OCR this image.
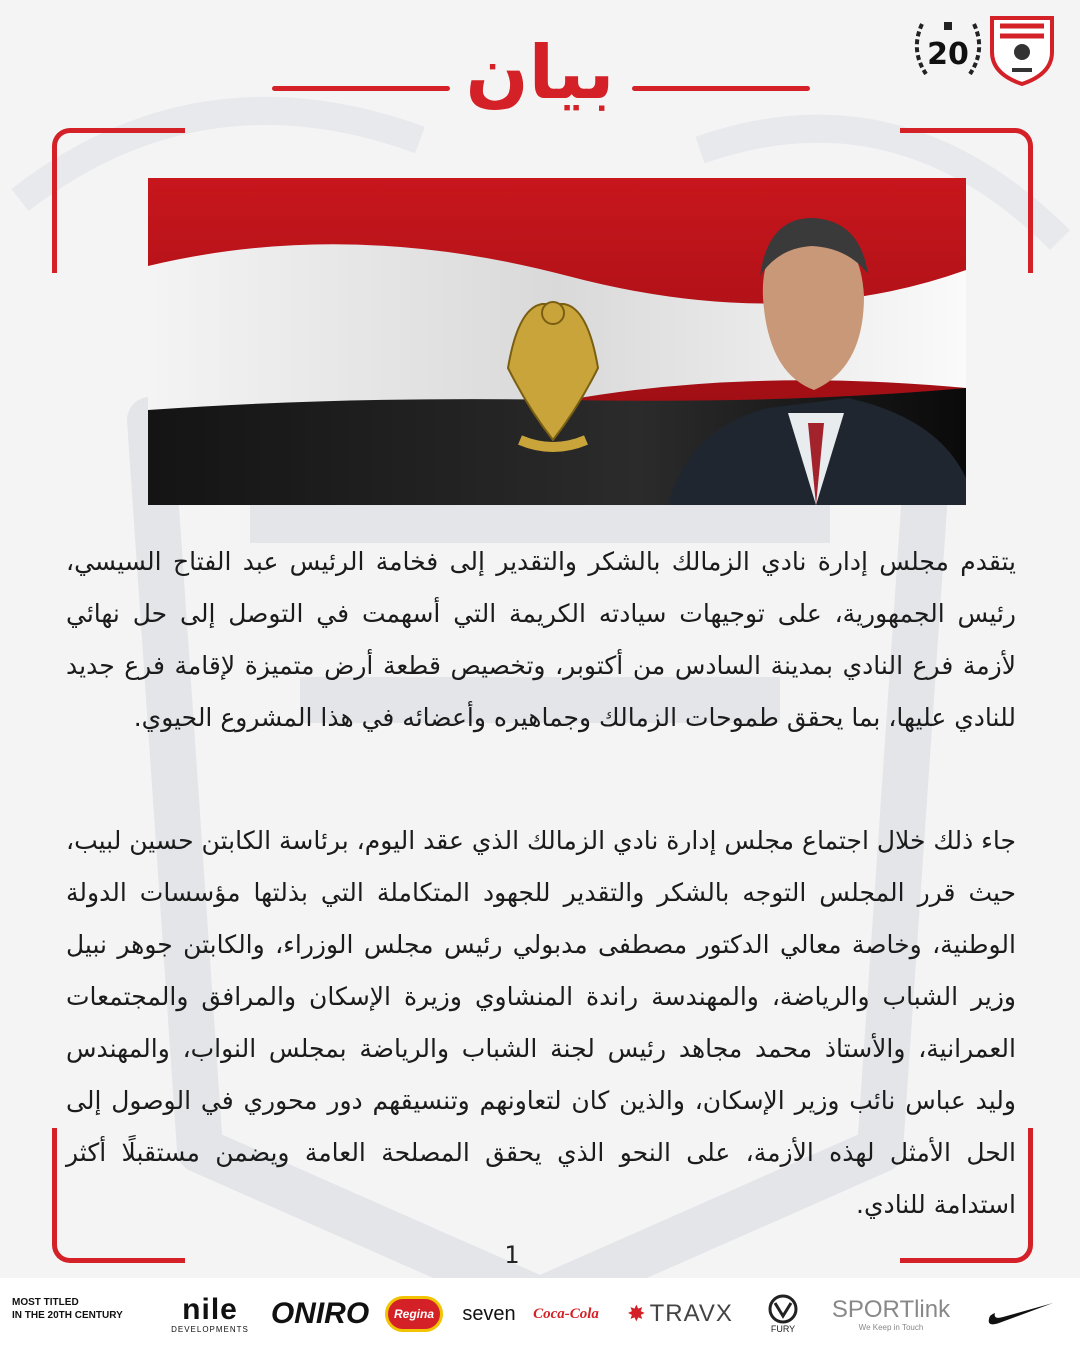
بيان	20
يتقدم مجلس إدارة نادي الزمالك بالشكر والتقدير إلى فخامة الرئيس عبد الفتاح السيسي، رئيس الجمهورية، على توجيهات سيادته الكريمة التي أسهمت في التوصل إلى حل نهائي لأزمة فرع النادي بمدينة السادس من أكتوبر، وتخصيص قطعة أرض متميزة لإقامة فرع جديد للنادي عليها، بما يحقق طموحات الزمالك وجماهيره وأعضائه في هذا المشروع الحيوي.
جاء ذلك خلال اجتماع مجلس إدارة نادي الزمالك الذي عقد اليوم، برئاسة الكابتن حسين لبيب، حيث قرر المجلس التوجه بالشكر والتقدير للجهود المتكاملة التي بذلتها مؤسسات الدولة الوطنية، وخاصة معالي الدكتور مصطفى مدبولي رئيس مجلس الوزراء، والكابتن جوهر نبيل وزير الشباب والرياضة، والمهندسة راندة المنشاوي وزيرة الإسكان والمرافق والمجتمعات العمرانية، والأستاذ محمد مجاهد رئيس لجنة الشباب والرياضة بمجلس النواب، والمهندس وليد عباس نائب وزير الإسكان، والذين كان لتعاونهم وتنسيقهم دور محوري في الوصول إلى الحل الأمثل لهذه الأزمة، على النحو الذي يحقق المصلحة العامة ويضمن مستقبلًا أكثر استدامة للنادي.
1
MOST TITLED
IN THE 20TH CENTURY nile
DEVELOPMENTS ONIRO	Regina	seven Coca-Cola ✸ TRAVX
FURY
SPORTlink
We Keep in Touch
